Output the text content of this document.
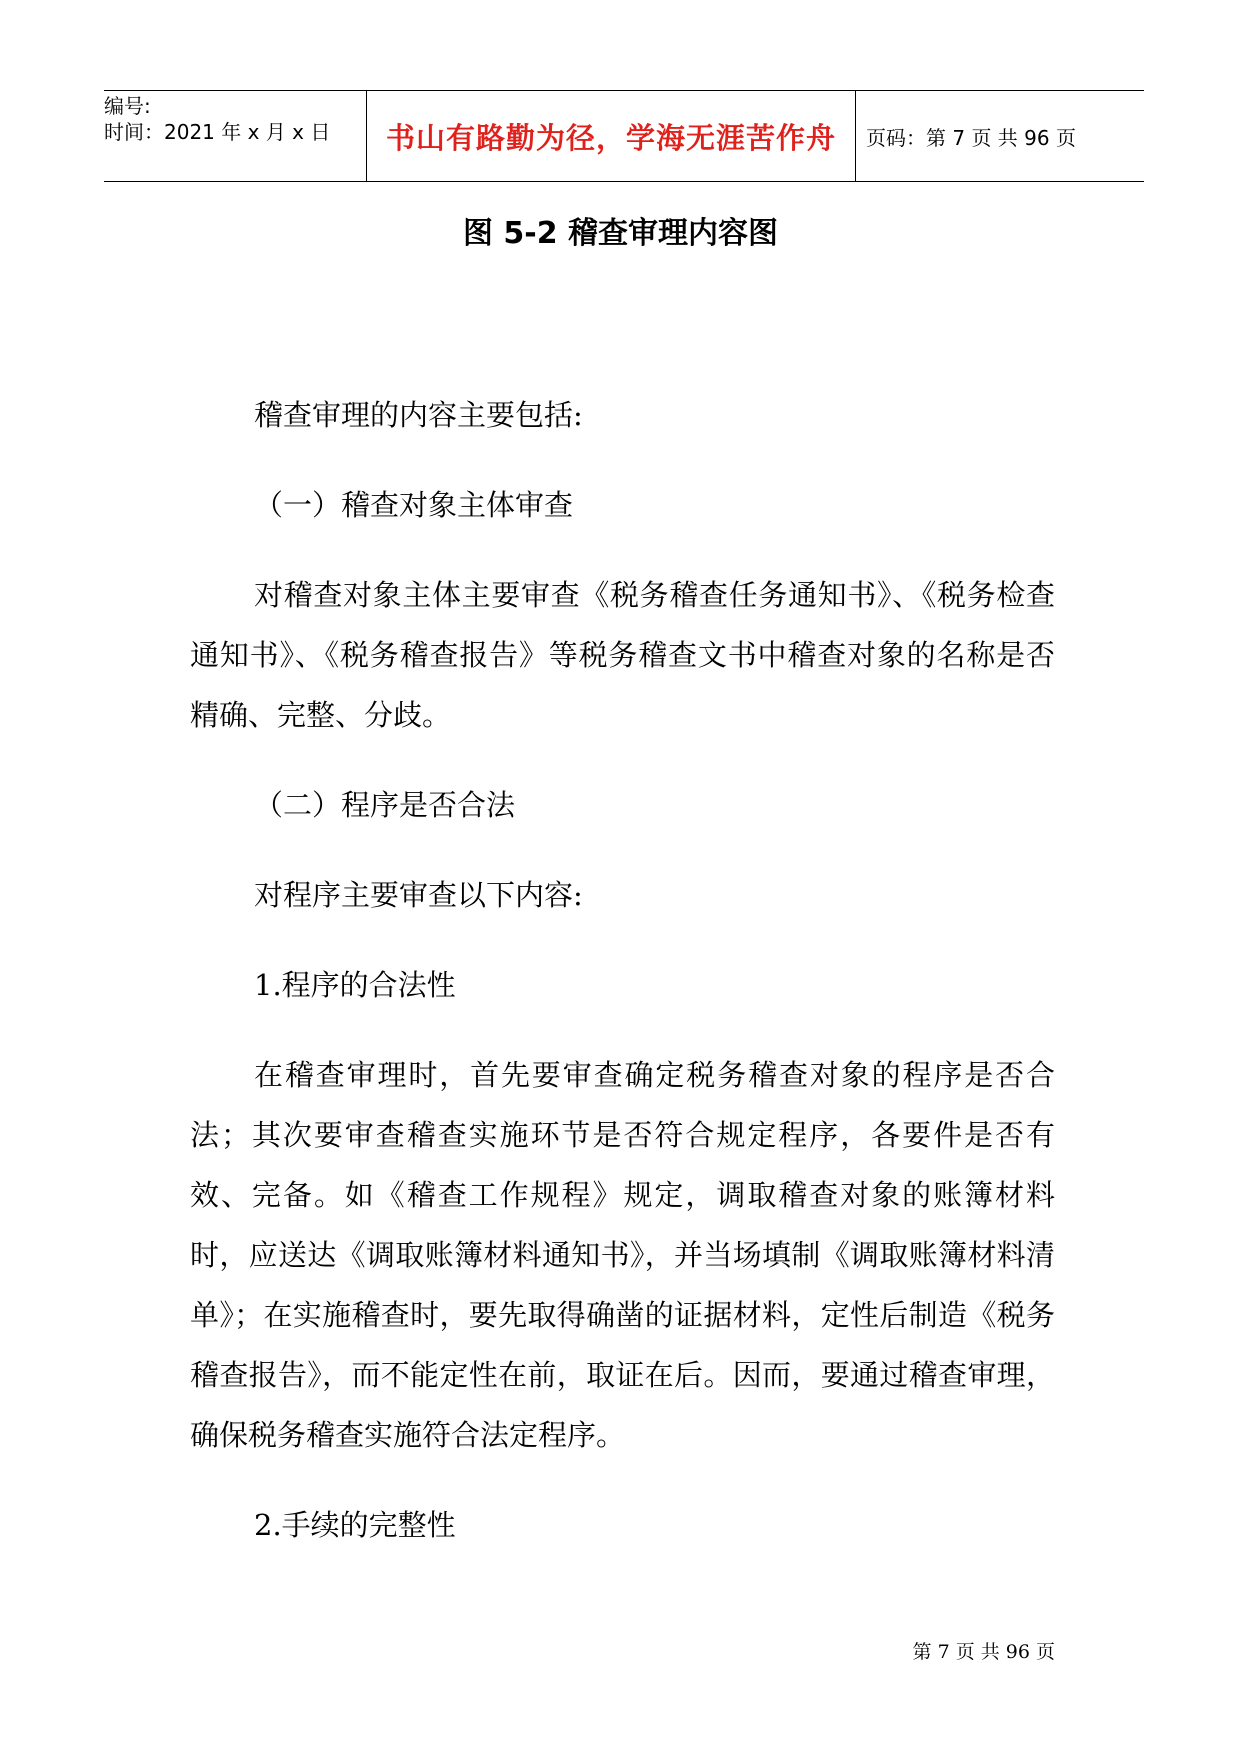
编号:
时间：2021 年 x 月 x 日	书山有路勤为径，学海无涯苦作舟 页码：第 7 页 共 96 页
图 5-2 稽查审理内容图

稽查审理的内容主要包括:

（一）稽查对象主体审查

对稽查对象主体主要审查《税务稽查任务通知书》、《税务检查通知书》、《税务稽查报告》等税务稽查文书中稽查对象的名称是否精确、完整、分歧。

（二）程序是否合法

对程序主要审查以下内容:

1.程序的合法性

在稽查审理时，首先要审查确定税务稽查对象的程序是否合法；其次要审查稽查实施环节是否符合规定程序，各要件是否有效、完备。如《稽查工作规程》规定，调取稽查对象的账簿材料时，应送达《调取账簿材料通知书》，并当场填制《调取账簿材料清单》；在实施稽查时，要先取得确凿的证据材料，定性后制造《税务稽查报告》，而不能定性在前，取证在后。因而，要通过稽查审理，确保税务稽查实施符合法定程序。

2.手续的完整性

第 7 页 共 96 页
